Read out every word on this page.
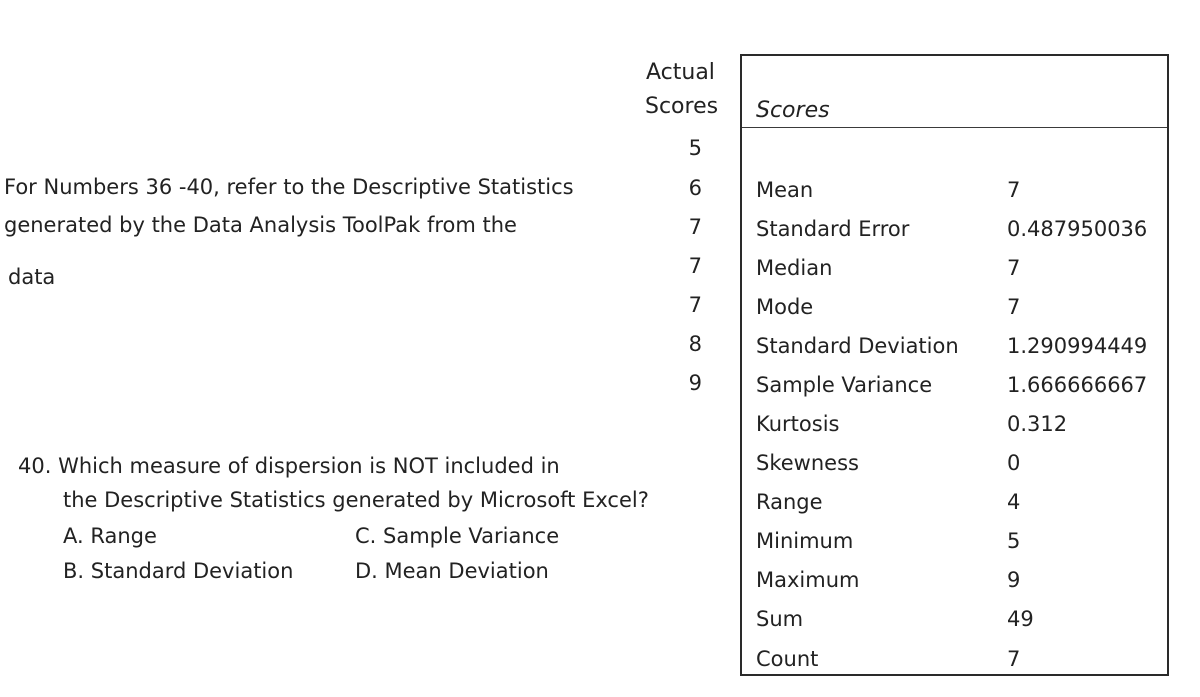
For Numbers 36 -40, refer to the Descriptive Statistics
generated by the Data Analysis ToolPak from the
data
Actual
Scores
5
6
7
7
7
8
9
40. Which measure of dispersion is NOT included in
the Descriptive Statistics generated by Microsoft Excel?
A. Range	C. Sample Variance
B. Standard Deviation	D. Mean Deviation
Scores
Mean	7
Standard Error	0.487950036
Median	7
Mode	7
Standard Deviation 1.290994449
Sample Variance	1.666666667
Kurtosis	0.312
Skewness	0
Range	4
Minimum	5
Maximum	9
Sum	49
Count	7
